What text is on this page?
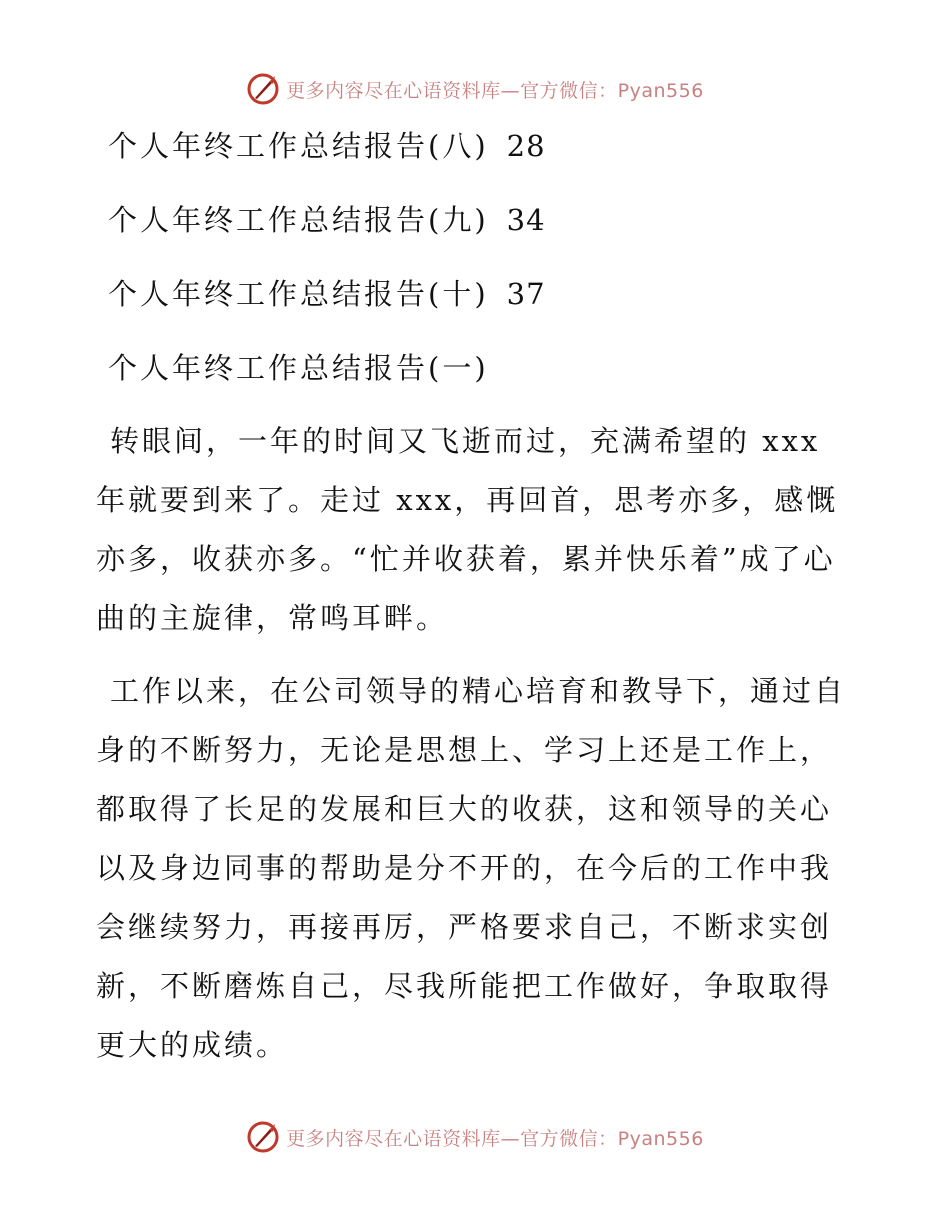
更多内容尽在心语资料库—官方微信：Pyan556
个人年终工作总结报告(八) 28
个人年终工作总结报告(九) 34
个人年终工作总结报告(十) 37
个人年终工作总结报告(一)

转眼间，一年的时间又飞逝而过，充满希望的 xxx 年就要到来了。走过 xxx，再回首，思考亦多，感慨亦多，收获亦多。“忙并收获着，累并快乐着”成了心曲的主旋律，常鸣耳畔。

工作以来，在公司领导的精心培育和教导下，通过自身的不断努力，无论是思想上、学习上还是工作上，都取得了长足的发展和巨大的收获，这和领导的关心以及身边同事的帮助是分不开的，在今后的工作中我会继续努力，再接再厉，严格要求自己，不断求实创新，不断磨炼自己，尽我所能把工作做好，争取取得更大的成绩。

更多内容尽在心语资料库—官方微信：Pyan556
